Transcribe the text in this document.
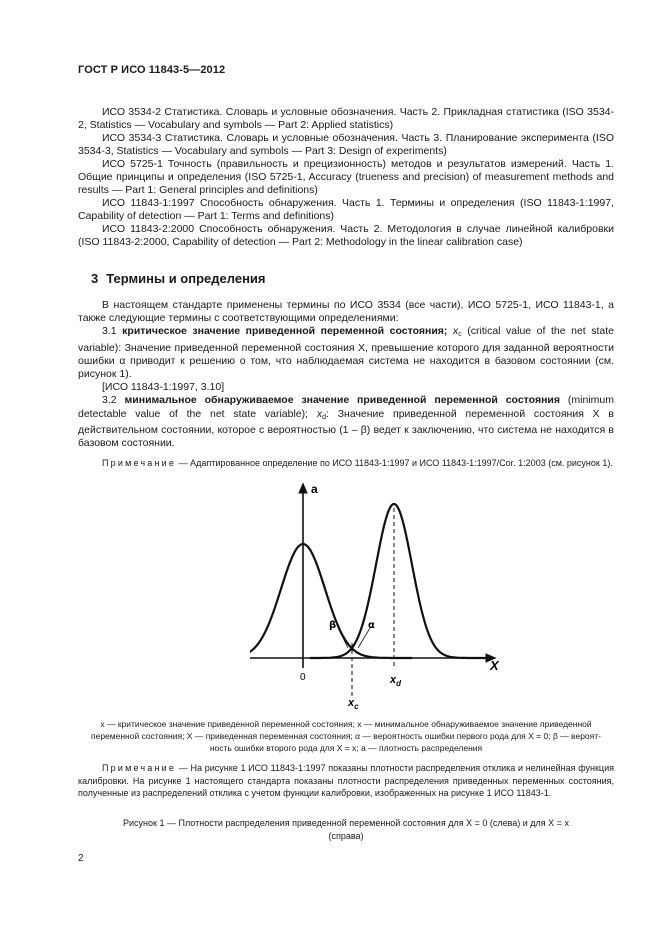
ГОСТ Р ИСО 11843-5—2012

ИСО 3534-2 Статистика. Словарь и условные обозначения. Часть 2. Прикладная статистика (ISO 3534-2, Statistics — Vocabulary and symbols — Part 2: Applied statistics)

ИСО 3534-3 Статистика. Словарь и условные обозначения. Часть 3. Планирование эксперимента (ISO 3534-3, Statistics — Vocabulary and symbols — Part 3: Design of experiments)

ИСО 5725-1 Точность (правильность и прецизионность) методов и результатов измерений. Часть 1. Общие принципы и определения (ISO 5725-1, Accuracy (trueness and precision) of measurement methods and results — Part 1: General principles and definitions)

ИСО 11843-1:1997 Способность обнаружения. Часть 1. Термины и определения (ISO 11843-1:1997, Capability of detection — Part 1: Terms and definitions)

ИСО 11843-2:2000 Способность обнаружения. Часть 2. Методология в случае линейной калибровки (ISO 11843-2:2000, Capability of detection — Part 2: Methodology in the linear calibration case)

3 Термины и определения

В настоящем стандарте применены термины по ИСО 3534 (все части), ИСО 5725-1, ИСО 11843-1, а также следующие термины с соответствующими определениями:

3.1 критическое значение приведенной переменной состояния; $x_c$ (critical value of the net state variable): Значение приведенной переменной состояния X, превышение которого для заданной вероятности ошибки α приводит к решению о том, что наблюдаемая система не находится в базовом состоянии (см. рисунок 1).

[ИСО 11843-1:1997, 3.10]

3.2 минимальное обнаруживаемое значение приведенной переменной состояния (minimum detectable value of the net state variable); $x_d$: Значение приведенной переменной состояния X в действительном состоянии, которое с вероятностью (1 – β) ведет к заключению, что система не находится в базовом состоянии.

Примечание — Адаптированное определение по ИСО 11843-1:1997 и ИСО 11843-1:1997/Cor. 1:2003 (см. рисунок 1).
a
X
0	$x_d$
$x_c$
β	α
x — критическое значение приведенной переменной состояния; x — минимальное обнаруживаемое значение приведенной
переменной состояния; X — приведенная переменная состояния; α — вероятность ошибки первого рода для X = 0; β — вероят-
ность ошибки второго рода для X = x; a — плотность распределения
Примечание — На рисунке 1 ИСО 11843-1:1997 показаны плотности распределения отклика и нелинейная функция калибровки. На рисунке 1 настоящего стандарта показаны плотности распределения приведенных переменных состояния, полученные из распределений отклика с учетом функции калибровки, изображенных на рисунке 1 ИСО 11843-1.
Рисунок 1 — Плотности распределения приведенной переменной состояния для X = 0 (слева) и для X = x
(справа)
2
